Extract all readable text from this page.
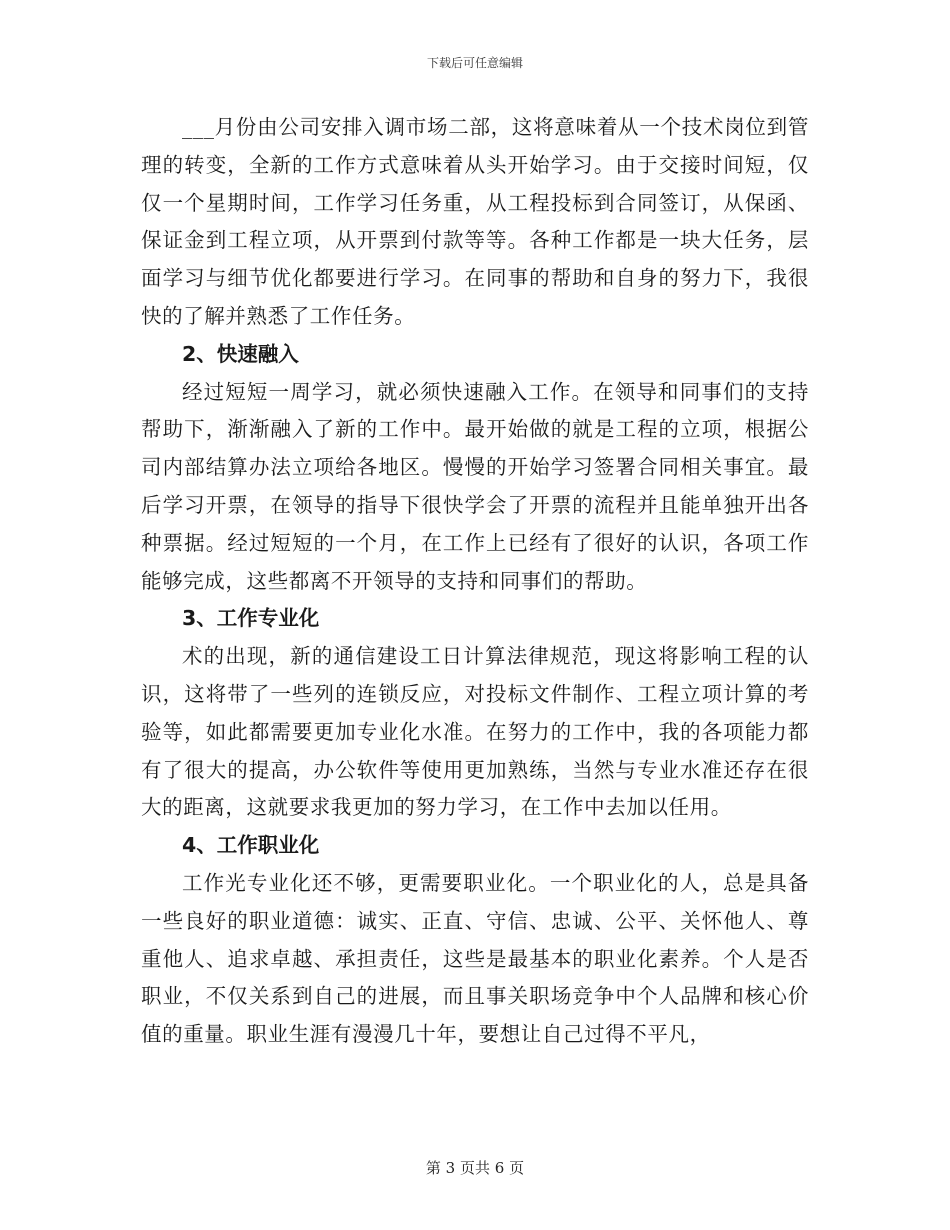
下载后可任意编辑

___月份由公司安排入调市场二部，这将意味着从一个技术岗位到管理的转变，全新的工作方式意味着从头开始学习。由于交接时间短，仅仅一个星期时间，工作学习任务重，从工程投标到合同签订，从保函、保证金到工程立项，从开票到付款等等。各种工作都是一块大任务，层面学习与细节优化都要进行学习。在同事的帮助和自身的努力下，我很快的了解并熟悉了工作任务。

2、快速融入

经过短短一周学习，就必须快速融入工作。在领导和同事们的支持帮助下，渐渐融入了新的工作中。最开始做的就是工程的立项，根据公司内部结算办法立项给各地区。慢慢的开始学习签署合同相关事宜。最后学习开票，在领导的指导下很快学会了开票的流程并且能单独开出各种票据。经过短短的一个月，在工作上已经有了很好的认识，各项工作能够完成，这些都离不开领导的支持和同事们的帮助。

3、工作专业化

术的出现，新的通信建设工日计算法律规范，现这将影响工程的认识，这将带了一些列的连锁反应，对投标文件制作、工程立项计算的考验等，如此都需要更加专业化水准。在努力的工作中，我的各项能力都有了很大的提高，办公软件等使用更加熟练，当然与专业水准还存在很大的距离，这就要求我更加的努力学习，在工作中去加以任用。

4、工作职业化

工作光专业化还不够，更需要职业化。一个职业化的人，总是具备一些良好的职业道德：诚实、正直、守信、忠诚、公平、关怀他人、尊重他人、追求卓越、承担责任，这些是最基本的职业化素养。个人是否职业，不仅关系到自己的进展，而且事关职场竞争中个人品牌和核心价值的重量。职业生涯有漫漫几十年，要想让自己过得不平凡，

第 3 页共 6 页
